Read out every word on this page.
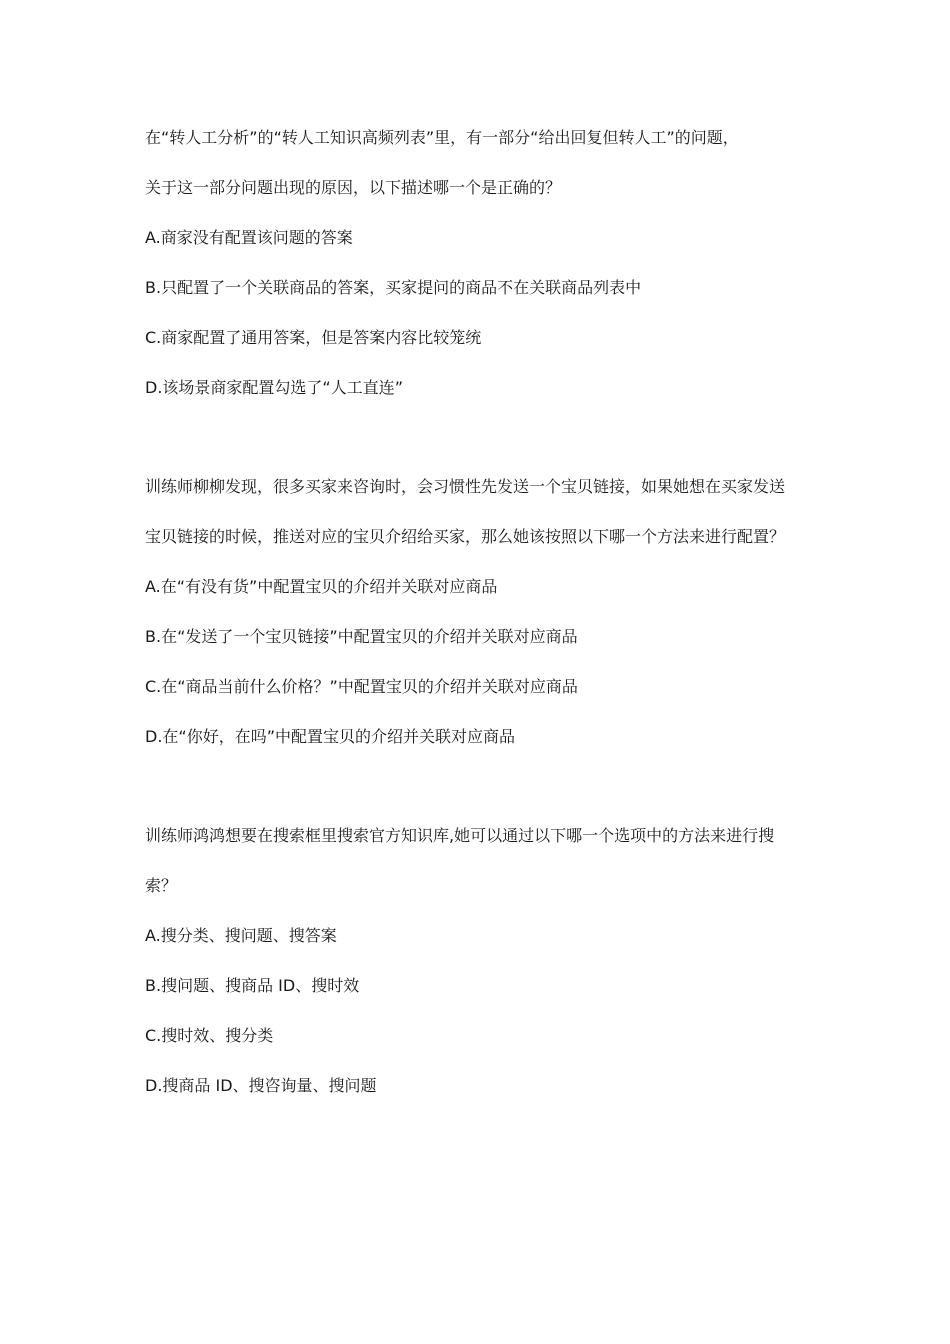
在“转人工分析”的“转人工知识高频列表”里，有一部分“给出回复但转人工”的问题，
关于这一部分问题出现的原因，以下描述哪一个是正确的？
A.商家没有配置该问题的答案
B.只配置了一个关联商品的答案，买家提问的商品不在关联商品列表中
C.商家配置了通用答案，但是答案内容比较笼统
D.该场景商家配置勾选了“人工直连”
训练师柳柳发现，很多买家来咨询时，会习惯性先发送一个宝贝链接，如果她想在买家发送
宝贝链接的时候，推送对应的宝贝介绍给买家，那么她该按照以下哪一个方法来进行配置？
A.在“有没有货”中配置宝贝的介绍并关联对应商品
B.在“发送了一个宝贝链接”中配置宝贝的介绍并关联对应商品
C.在“商品当前什么价格？”中配置宝贝的介绍并关联对应商品
D.在“你好，在吗”中配置宝贝的介绍并关联对应商品
训练师鸿鸿想要在搜索框里搜索官方知识库,她可以通过以下哪一个选项中的方法来进行搜
索？
A.搜分类、搜问题、搜答案
B.搜问题、搜商品 ID、搜时效
C.搜时效、搜分类
D.搜商品 ID、搜咨询量、搜问题
